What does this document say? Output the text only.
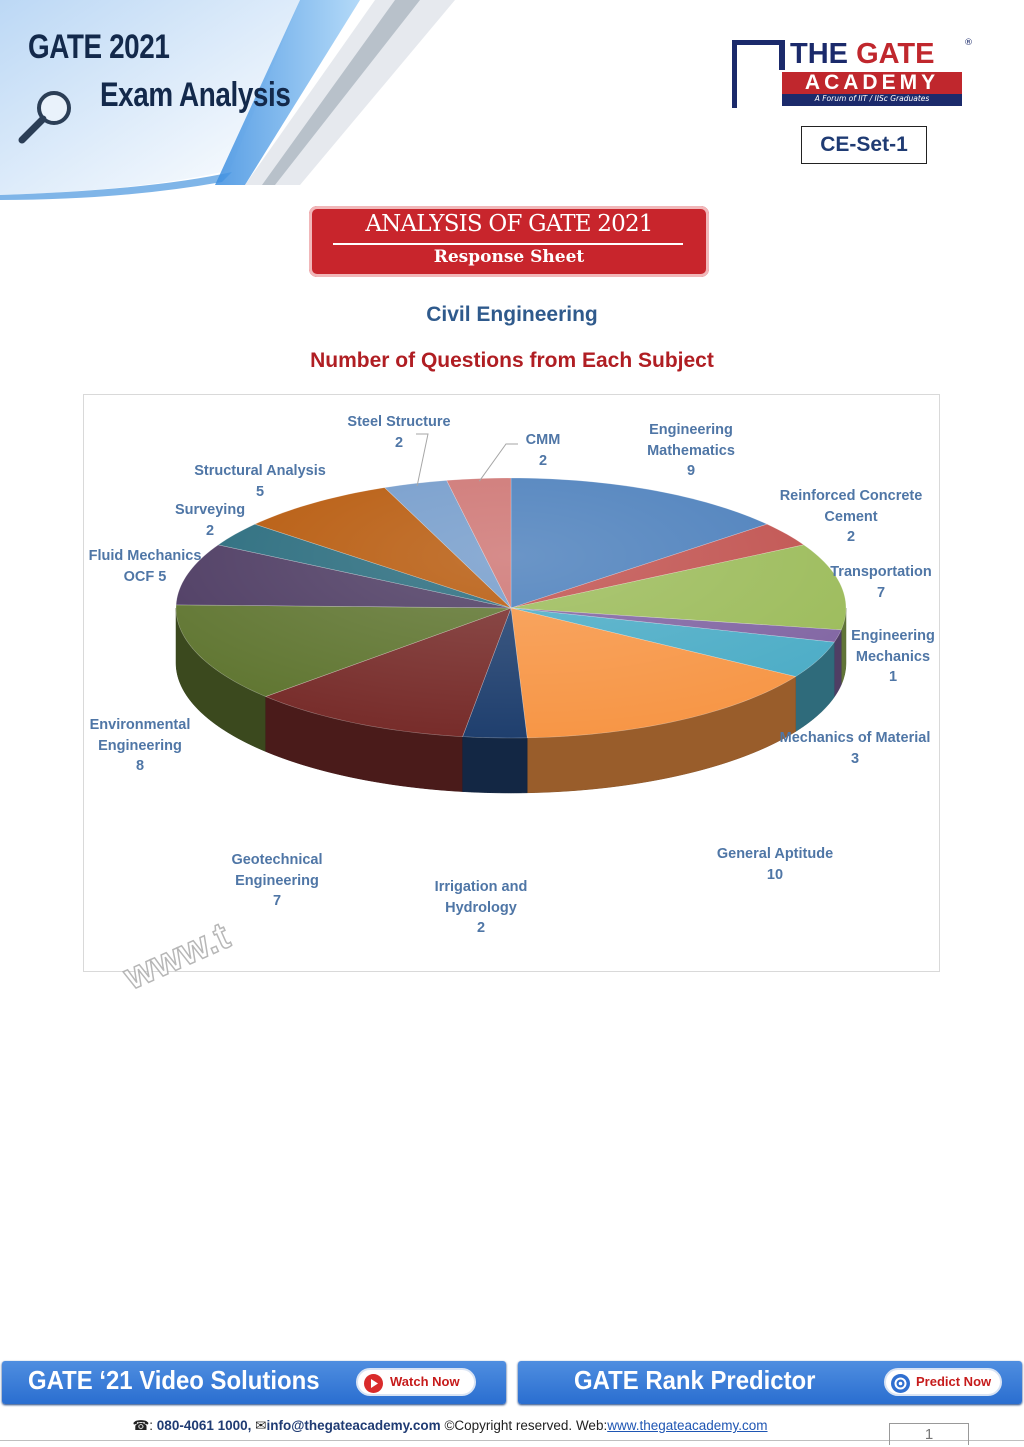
GATE 2021
Exam Analysis
THE GATE	®
ACADEMY
A Forum of IIT / IISc Graduates
CE-Set-1
ANALYSIS OF GATE 2021
Response Sheet
Civil Engineering
Number of Questions from Each Subject
Engineering
Mathematics
9
Reinforced Concrete
Cement
2
Transportation
7
Engineering
Mechanics
1
Mechanics of Material
3
General Aptitude
10
Irrigation and
Hydrology
2
Geotechnical
Engineering
7
Environmental
Engineering
8
Fluid Mechanics
OCF 5
Surveying
2
Structural Analysis
5
Steel Structure
2	CMM
2
www.t
GATE ‘21 Video Solutions	Watch Now	GATE Rank Predictor	Predict Now
☎: 080-4061 1000, ✉info@thegateacademy.com ©Copyright reserved. Web:www.thegateacademy.com
1
